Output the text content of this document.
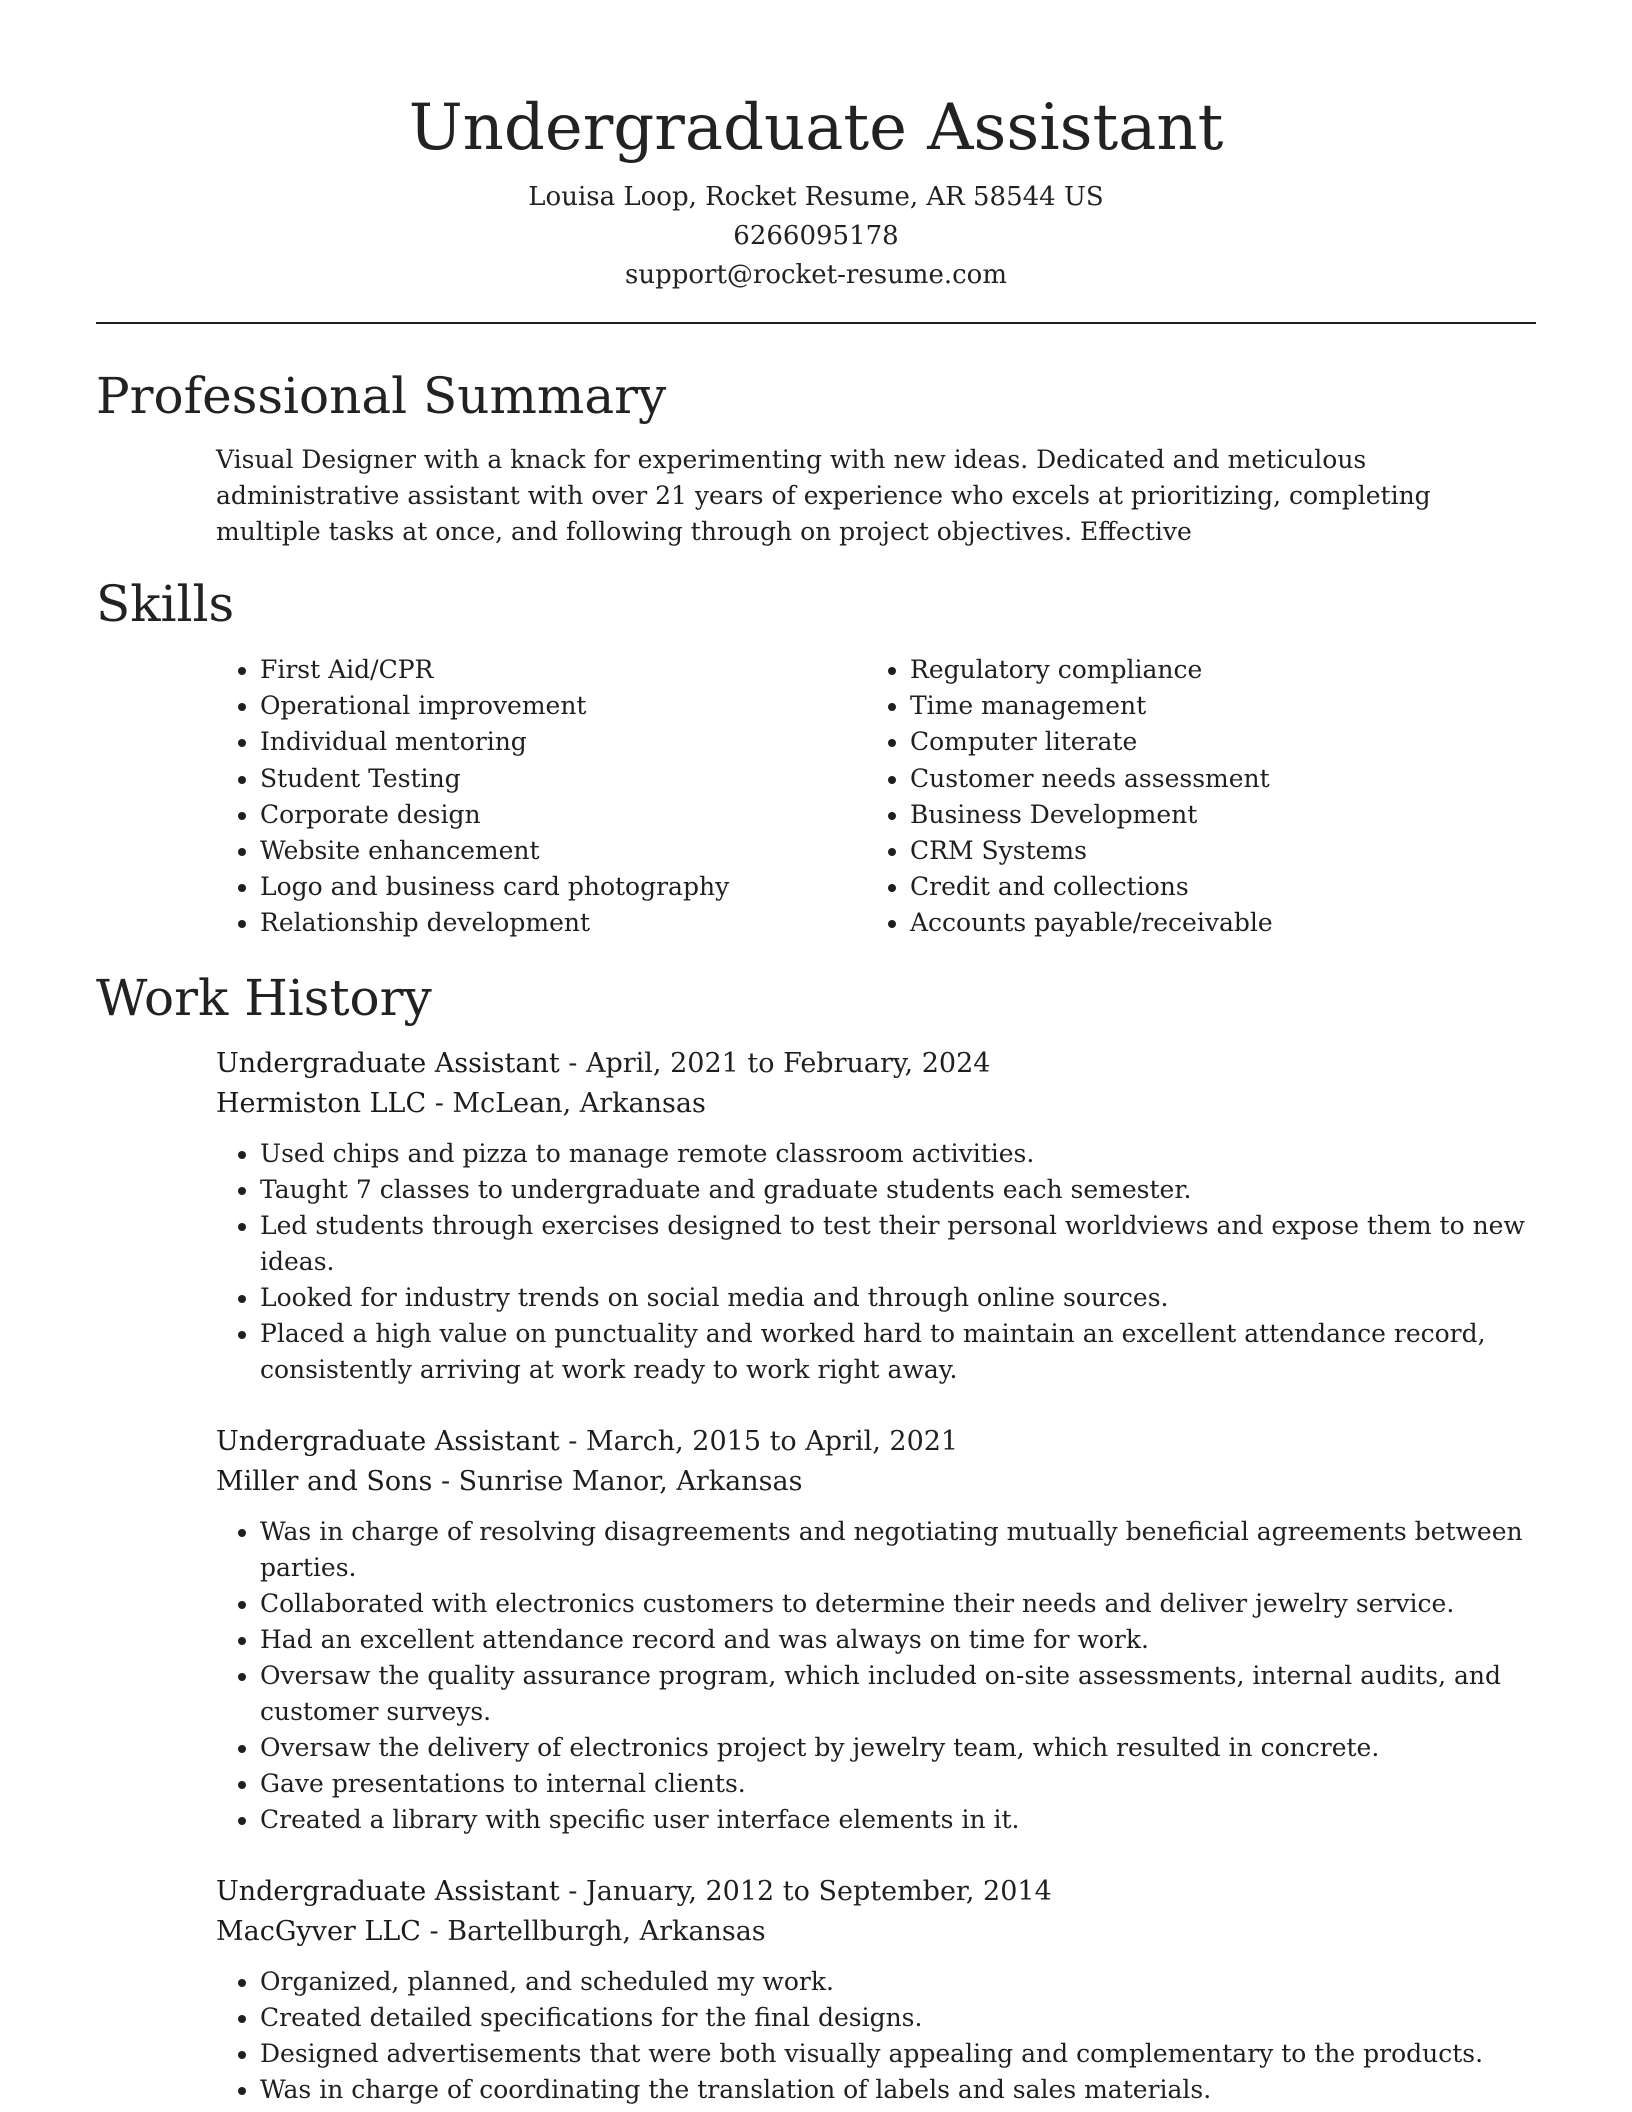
Undergraduate Assistant

Louisa Loop, Rocket Resume, AR 58544 US

6266095178

support@rocket-resume.com

Professional Summary

Visual Designer with a knack for experimenting with new ideas. Dedicated and meticulous administrative assistant with over 21 years of experience who excels at prioritizing, completing multiple tasks at once, and following through on project objectives. Effective

Skills
• First Aid/CPR
• Operational improvement
• Individual mentoring
• Student Testing
• Corporate design
• Website enhancement
• Logo and business card photography
• Relationship development
• Regulatory compliance
• Time management
• Computer literate
• Customer needs assessment
• Business Development
• CRM Systems
• Credit and collections
• Accounts payable/receivable
Work History

Undergraduate Assistant - April, 2021 to February, 2024

Hermiston LLC - McLean, Arkansas

• Used chips and pizza to manage remote classroom activities.
• Taught 7 classes to undergraduate and graduate students each semester.
• Led students through exercises designed to test their personal worldviews and expose them to new ideas.
• Looked for industry trends on social media and through online sources.
• Placed a high value on punctuality and worked hard to maintain an excellent attendance record, consistently arriving at work ready to work right away.

Undergraduate Assistant - March, 2015 to April, 2021

Miller and Sons - Sunrise Manor, Arkansas

• Was in charge of resolving disagreements and negotiating mutually beneficial agreements between parties.
• Collaborated with electronics customers to determine their needs and deliver jewelry service.
• Had an excellent attendance record and was always on time for work.
• Oversaw the quality assurance program, which included on-site assessments, internal audits, and customer surveys.
• Oversaw the delivery of electronics project by jewelry team, which resulted in concrete.
• Gave presentations to internal clients.
• Created a library with specific user interface elements in it.

Undergraduate Assistant - January, 2012 to September, 2014

MacGyver LLC - Bartellburgh, Arkansas

• Organized, planned, and scheduled my work.
• Created detailed specifications for the final designs.
• Designed advertisements that were both visually appealing and complementary to the products.
• Was in charge of coordinating the translation of labels and sales materials.
